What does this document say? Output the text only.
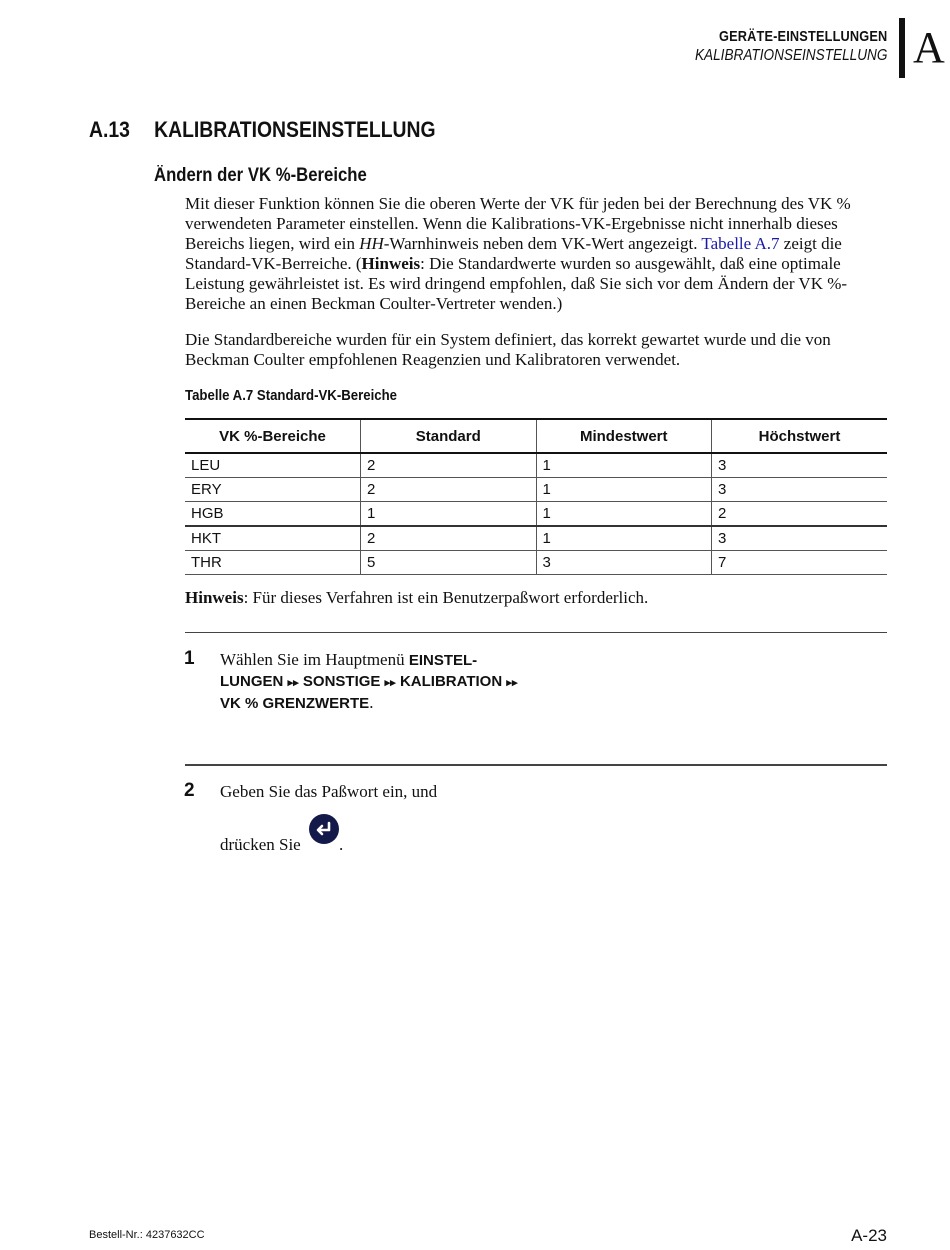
GERÄTE-EINSTELLUNGEN
KALIBRATIONSEINSTELLUNG A
A.13 KALIBRATIONSEINSTELLUNG
Ändern der VK %-Bereiche
Mit dieser Funktion können Sie die oberen Werte der VK für jeden bei der Berechnung des VK % verwendeten Parameter einstellen. Wenn die Kalibrations-VK-Ergebnisse nicht innerhalb dieses Bereichs liegen, wird ein HH-Warnhinweis neben dem VK-Wert angezeigt. Tabelle A.7 zeigt die Standard-VK-Berreiche. (Hinweis: Die Standardwerte wurden so ausgewählt, daß eine optimale Leistung gewährleistet ist. Es wird dringend empfohlen, daß Sie sich vor dem Ändern der VK %-Bereiche an einen Beckman Coulter-Vertreter wenden.)
Die Standardbereiche wurden für ein System definiert, das korrekt gewartet wurde und die von Beckman Coulter empfohlenen Reagenzien und Kalibratoren verwendet.
Tabelle A.7 Standard-VK-Bereiche
VK %-Bereiche	Standard	Mindestwert	Höchstwert
LEU	2	1	3
ERY	2	1	3
HGB	1	1	2
HKT	2	1	3
THR	5	3	7
Hinweis: Für dieses Verfahren ist ein Benutzerpaßwort erforderlich.
1 Wählen Sie im Hauptmenü EINSTEL-
LUNGEN ▸▸ SONSTIGE ▸▸ KALIBRATION ▸▸
VK % GRENZWERTE.
2 Geben Sie das Paßwort ein, und
drücken Sie .
Bestell-Nr.: 4237632CC	A-23
